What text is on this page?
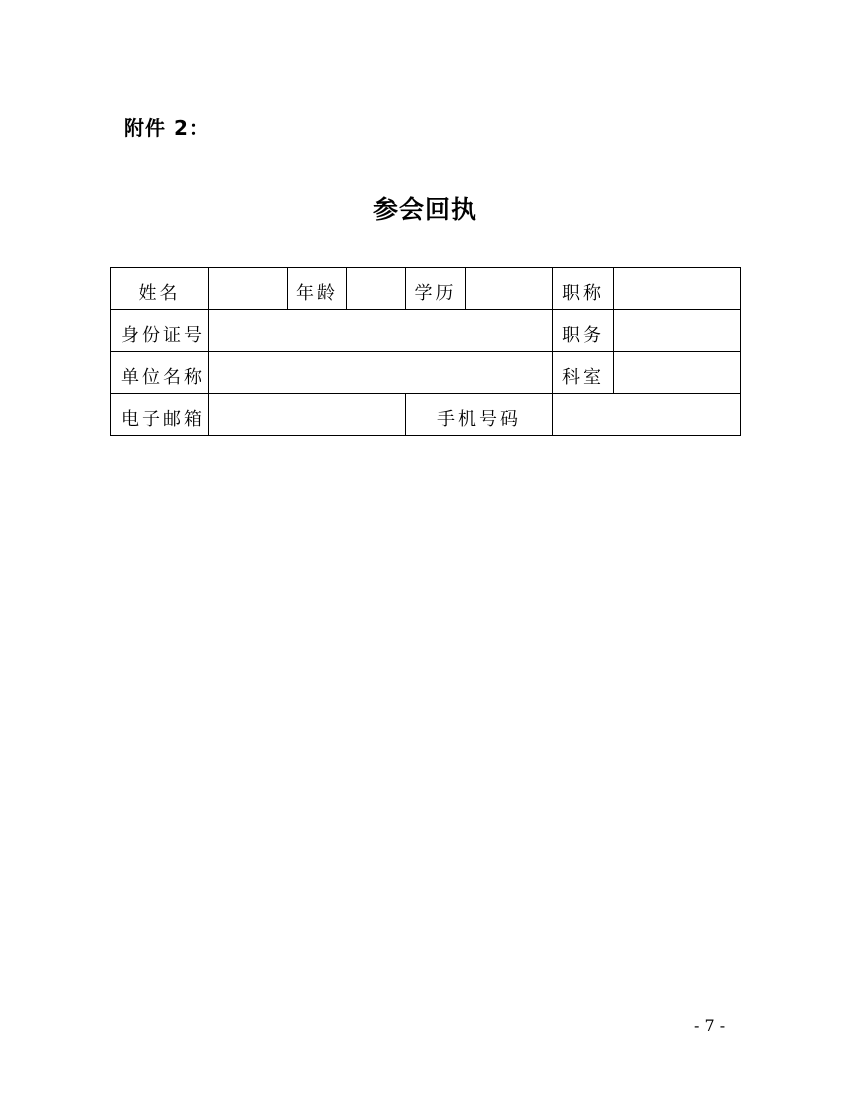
附件 2：
参会回执
姓名		年龄		学历		职称	
身份证号						职务	
单位名称						科室	
电子邮箱				手机号码			
- 7 -
